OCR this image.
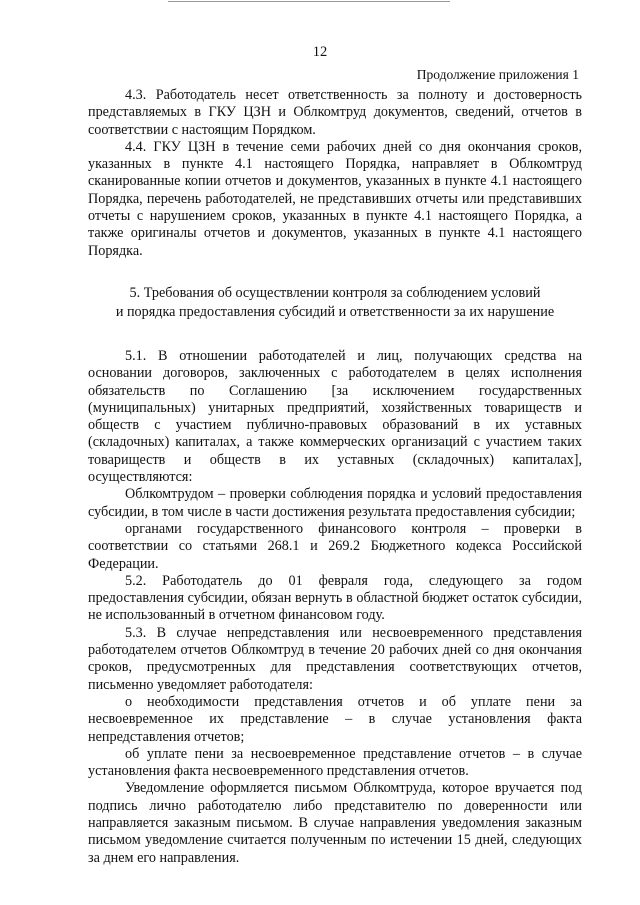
12
Продолжение приложения 1

4.3. Работодатель несет ответственность за полноту и достоверность представляемых в ГКУ ЦЗН и Облкомтруд документов, сведений, отчетов в соответствии с настоящим Порядком.

4.4. ГКУ ЦЗН в течение семи рабочих дней со дня окончания сроков, указанных в пункте 4.1 настоящего Порядка, направляет в Облкомтруд сканированные копии отчетов и документов, указанных в пункте 4.1 настоящего Порядка, перечень работодателей, не представивших отчеты или представивших отчеты с нарушением сроков, указанных в пункте 4.1 настоящего Порядка, а также оригиналы отчетов и документов, указанных в пункте 4.1 настоящего Порядка.

5. Требования об осуществлении контроля за соблюдением условий
и порядка предоставления субсидий и ответственности за их нарушение

5.1. В отношении работодателей и лиц, получающих средства на основании договоров, заключенных с работодателем в целях исполнения обязательств по Соглашению [за исключением государственных (муниципальных) унитарных предприятий, хозяйственных товариществ и обществ с участием публично-правовых образований в их уставных (складочных) капиталах, а также коммерческих организаций с участием таких товариществ и обществ в их уставных (складочных) капиталах], осуществляются:

Облкомтрудом – проверки соблюдения порядка и условий предоставления субсидии, в том числе в части достижения результата предоставления субсидии;

органами государственного финансового контроля – проверки в соответствии со статьями 268.1 и 269.2 Бюджетного кодекса Российской Федерации.

5.2. Работодатель до 01 февраля года, следующего за годом предоставления субсидии, обязан вернуть в областной бюджет остаток субсидии, не использованный в отчетном финансовом году.

5.3. В случае непредставления или несвоевременного представления работодателем отчетов Облкомтруд в течение 20 рабочих дней со дня окончания сроков, предусмотренных для представления соответствующих отчетов, письменно уведомляет работодателя:

о необходимости представления отчетов и об уплате пени за несвоевременное их представление – в случае установления факта непредставления отчетов;

об уплате пени за несвоевременное представление отчетов – в случае установления факта несвоевременного представления отчетов.

Уведомление оформляется письмом Облкомтруда, которое вручается под подпись лично работодателю либо представителю по доверенности или направляется заказным письмом. В случае направления уведомления заказным письмом уведомление считается полученным по истечении 15 дней, следующих за днем его направления.
